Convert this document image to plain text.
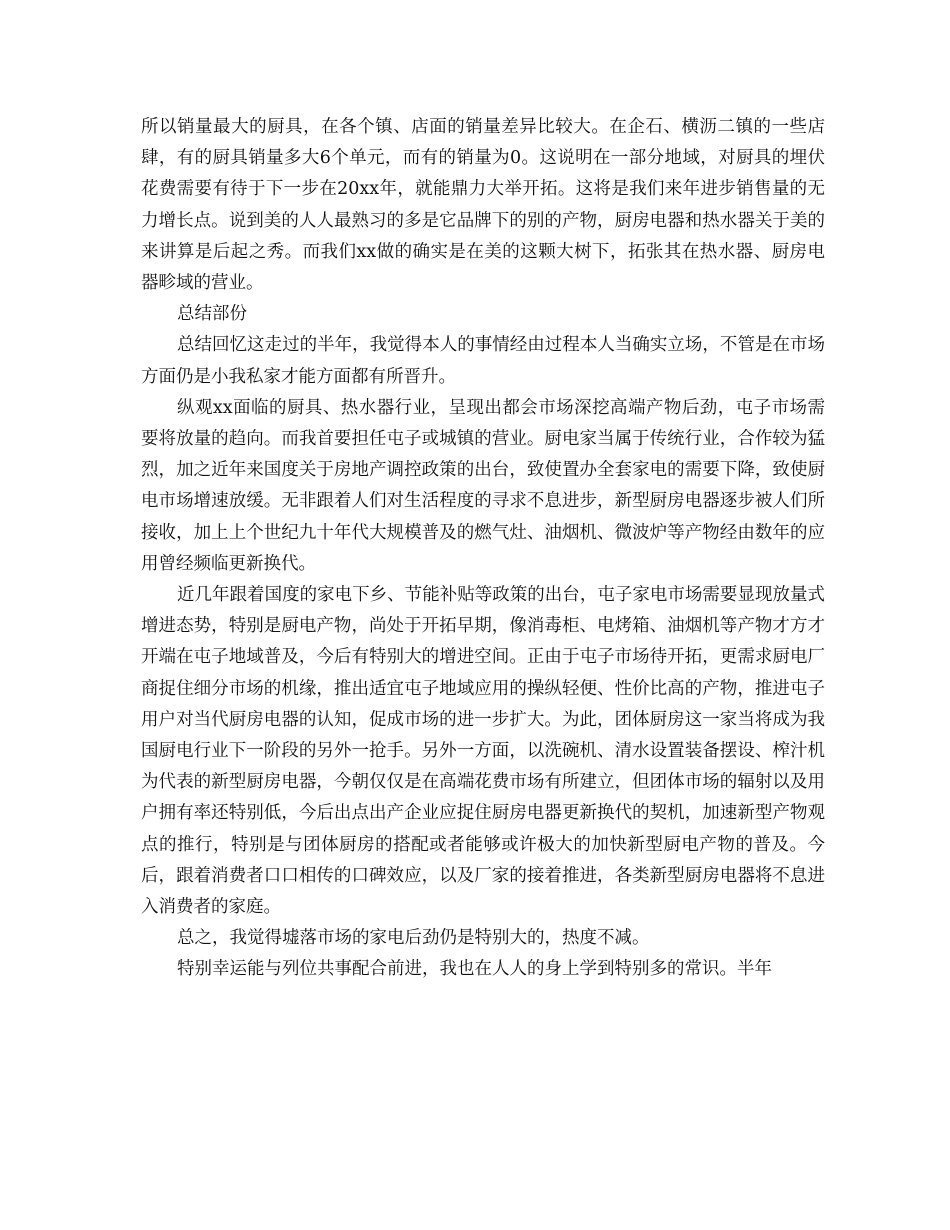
所以销量最大的厨具，在各个镇、店面的销量差异比较大。在企石、横沥二镇的一些店肆，有的厨具销量多大6个单元，而有的销量为0。这说明在一部分地域，对厨具的埋伏花费需要有待于下一步在20xx年，就能鼎力大举开拓。这将是我们来年进步销售量的无力增长点。说到美的人人最熟习的多是它品牌下的别的产物，厨房电器和热水器关于美的来讲算是后起之秀。而我们xx做的确实是在美的这颗大树下，拓张其在热水器、厨房电器畛域的营业。

总结部份

总结回忆这走过的半年，我觉得本人的事情经由过程本人当确实立场，不管是在市场方面仍是小我私家才能方面都有所晋升。

纵观xx面临的厨具、热水器行业，呈现出都会市场深挖高端产物后劲，屯子市场需要将放量的趋向。而我首要担任屯子或城镇的营业。厨电家当属于传统行业，合作较为猛烈，加之近年来国度关于房地产调控政策的出台，致使置办全套家电的需要下降，致使厨电市场增速放缓。无非跟着人们对生活程度的寻求不息进步，新型厨房电器逐步被人们所接收，加上上个世纪九十年代大规模普及的燃气灶、油烟机、微波炉等产物经由数年的应用曾经频临更新换代。

近几年跟着国度的家电下乡、节能补贴等政策的出台，屯子家电市场需要显现放量式增进态势，特别是厨电产物，尚处于开拓早期，像消毒柜、电烤箱、油烟机等产物才方才开端在屯子地域普及，今后有特别大的增进空间。正由于屯子市场待开拓，更需求厨电厂商捉住细分市场的机缘，推出适宜屯子地域应用的操纵轻便、性价比高的产物，推进屯子用户对当代厨房电器的认知，促成市场的进一步扩大。为此，团体厨房这一家当将成为我国厨电行业下一阶段的另外一抢手。另外一方面，以洗碗机、清水设置装备摆设、榨汁机为代表的新型厨房电器，今朝仅仅是在高端花费市场有所建立，但团体市场的辐射以及用户拥有率还特别低，今后出点出产企业应捉住厨房电器更新换代的契机，加速新型产物观点的推行，特别是与团体厨房的搭配或者能够或许极大的加快新型厨电产物的普及。今后，跟着消费者口口相传的口碑效应，以及厂家的接着推进，各类新型厨房电器将不息进入消费者的家庭。

总之，我觉得墟落市场的家电后劲仍是特别大的，热度不减。

特别幸运能与列位共事配合前进，我也在人人的身上学到特别多的常识。半年
